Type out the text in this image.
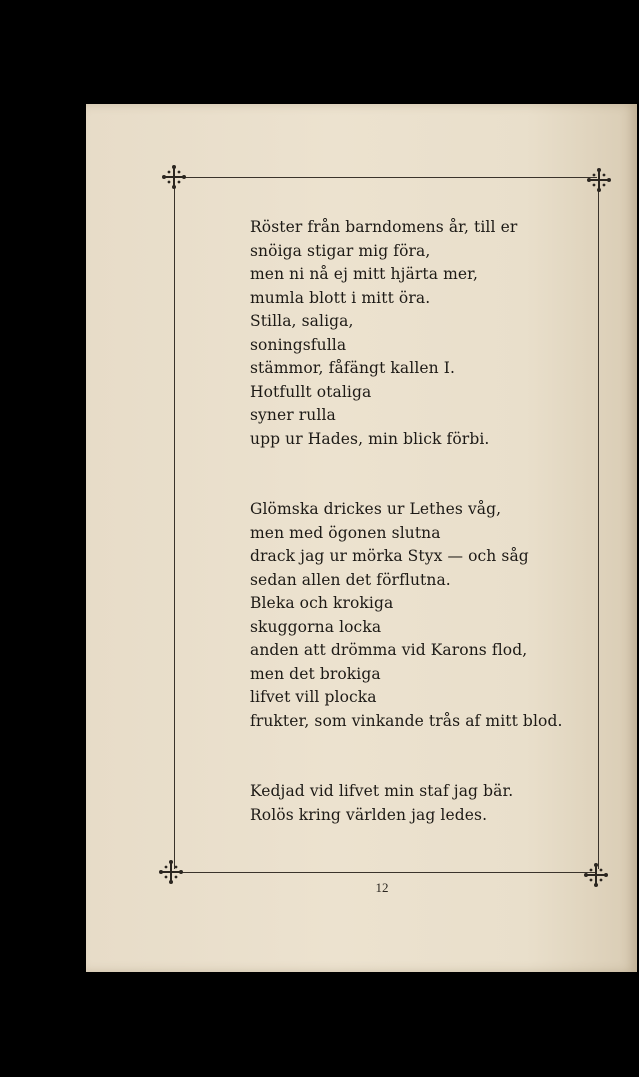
Röster från barndomens år, till er
snöiga stigar mig föra,
men ni nå ej mitt hjärta mer,
mumla blott i mitt öra.
Stilla, saliga,
soningsfulla
stämmor, fåfängt kallen I.
Hotfullt otaliga
syner rulla
upp ur Hades, min blick förbi.
Glömska drickes ur Lethes våg,
men med ögonen slutna
drack jag ur mörka Styx — och såg
sedan allen det förflutna.
Bleka och krokiga
skuggorna locka
anden att drömma vid Karons flod,
men det brokiga
lifvet vill plocka
frukter, som vinkande trås af mitt blod.
Kedjad vid lifvet min staf jag bär.
Rolös kring världen jag ledes.
12
